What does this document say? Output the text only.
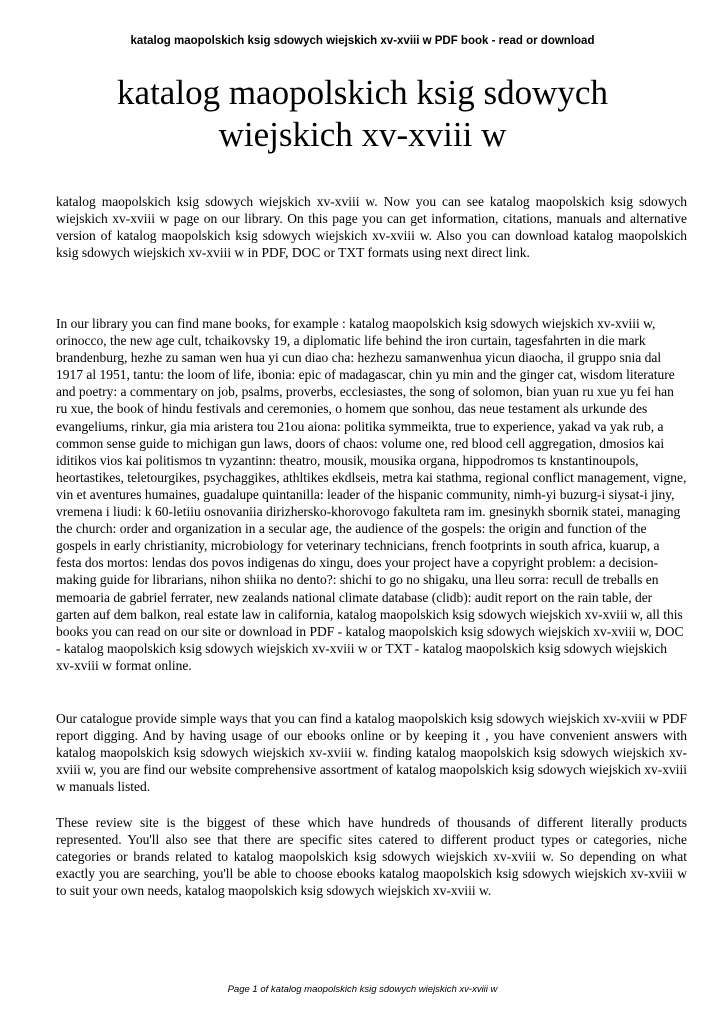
katalog maopolskich ksig sdowych wiejskich xv-xviii w PDF book - read or download
katalog maopolskich ksig sdowych
wiejskich xv-xviii w

katalog maopolskich ksig sdowych wiejskich xv-xviii w. Now you can see katalog maopolskich ksig sdowych wiejskich xv-xviii w page on our library. On this page you can get information, citations, manuals and alternative version of katalog maopolskich ksig sdowych wiejskich xv-xviii w. Also you can download katalog maopolskich ksig sdowych wiejskich xv-xviii w in PDF, DOC or TXT formats using next direct link.

In our library you can find mane books, for example : katalog maopolskich ksig sdowych wiejskich xv-xviii w, orinocco, the new age cult, tchaikovsky 19, a diplomatic life behind the iron curtain, tagesfahrten in die mark brandenburg, hezhe zu saman wen hua yi cun diao cha: hezhezu samanwenhua yicun diaocha, il gruppo snia dal 1917 al 1951, tantu: the loom of life, ibonia: epic of madagascar, chin yu min and the ginger cat, wisdom literature and poetry: a commentary on job, psalms, proverbs, ecclesiastes, the song of solomon, bian yuan ru xue yu fei han ru xue, the book of hindu festivals and ceremonies, o homem que sonhou, das neue testament als urkunde des evangeliums, rinkur, gia mia aristera tou 21ou aiona: politika symmeikta, true to experience, yakad va yak rub, a common sense guide to michigan gun laws, doors of chaos: volume one, red blood cell aggregation, dmosios kai iditikos vios kai politismos tn vyzantinn: theatro, mousik, mousika organa, hippodromos ts knstantinoupols, heortastikes, teletourgikes, psychaggikes, athltikes ekdlseis, metra kai stathma, regional conflict management, vigne, vin et aventures humaines, guadalupe quintanilla: leader of the hispanic community, nimh-yi buzurg-i siysat-i jiny, vremena i liudi: k 60-letiiu osnovaniia dirizhersko-khorovogo fakulteta ram im. gnesinykh sbornik statei, managing the church: order and organization in a secular age, the audience of the gospels: the origin and function of the gospels in early christianity, microbiology for veterinary technicians, french footprints in south africa, kuarup, a festa dos mortos: lendas dos povos indigenas do xingu, does your project have a copyright problem: a decision-making guide for librarians, nihon shiika no dento?: shichi to go no shigaku, una lleu sorra: recull de treballs en memoaria de gabriel ferrater, new zealands national climate database (clidb): audit report on the rain table, der garten auf dem balkon, real estate law in california, katalog maopolskich ksig sdowych wiejskich xv-xviii w, all this books you can read on our site or download in PDF - katalog maopolskich ksig sdowych wiejskich xv-xviii w, DOC - katalog maopolskich ksig sdowych wiejskich xv-xviii w or TXT - katalog maopolskich ksig sdowych wiejskich xv-xviii w format online.

Our catalogue provide simple ways that you can find a katalog maopolskich ksig sdowych wiejskich xv-xviii w PDF report digging. And by having usage of our ebooks online or by keeping it , you have convenient answers with katalog maopolskich ksig sdowych wiejskich xv-xviii w. finding katalog maopolskich ksig sdowych wiejskich xv-xviii w, you are find our website comprehensive assortment of katalog maopolskich ksig sdowych wiejskich xv-xviii w manuals listed.

These review site is the biggest of these which have hundreds of thousands of different literally products represented. You'll also see that there are specific sites catered to different product types or categories, niche categories or brands related to katalog maopolskich ksig sdowych wiejskich xv-xviii w. So depending on what exactly you are searching, you'll be able to choose ebooks katalog maopolskich ksig sdowych wiejskich xv-xviii w to suit your own needs, katalog maopolskich ksig sdowych wiejskich xv-xviii w.

Page 1 of katalog maopolskich ksig sdowych wiejskich xv-xviii w
